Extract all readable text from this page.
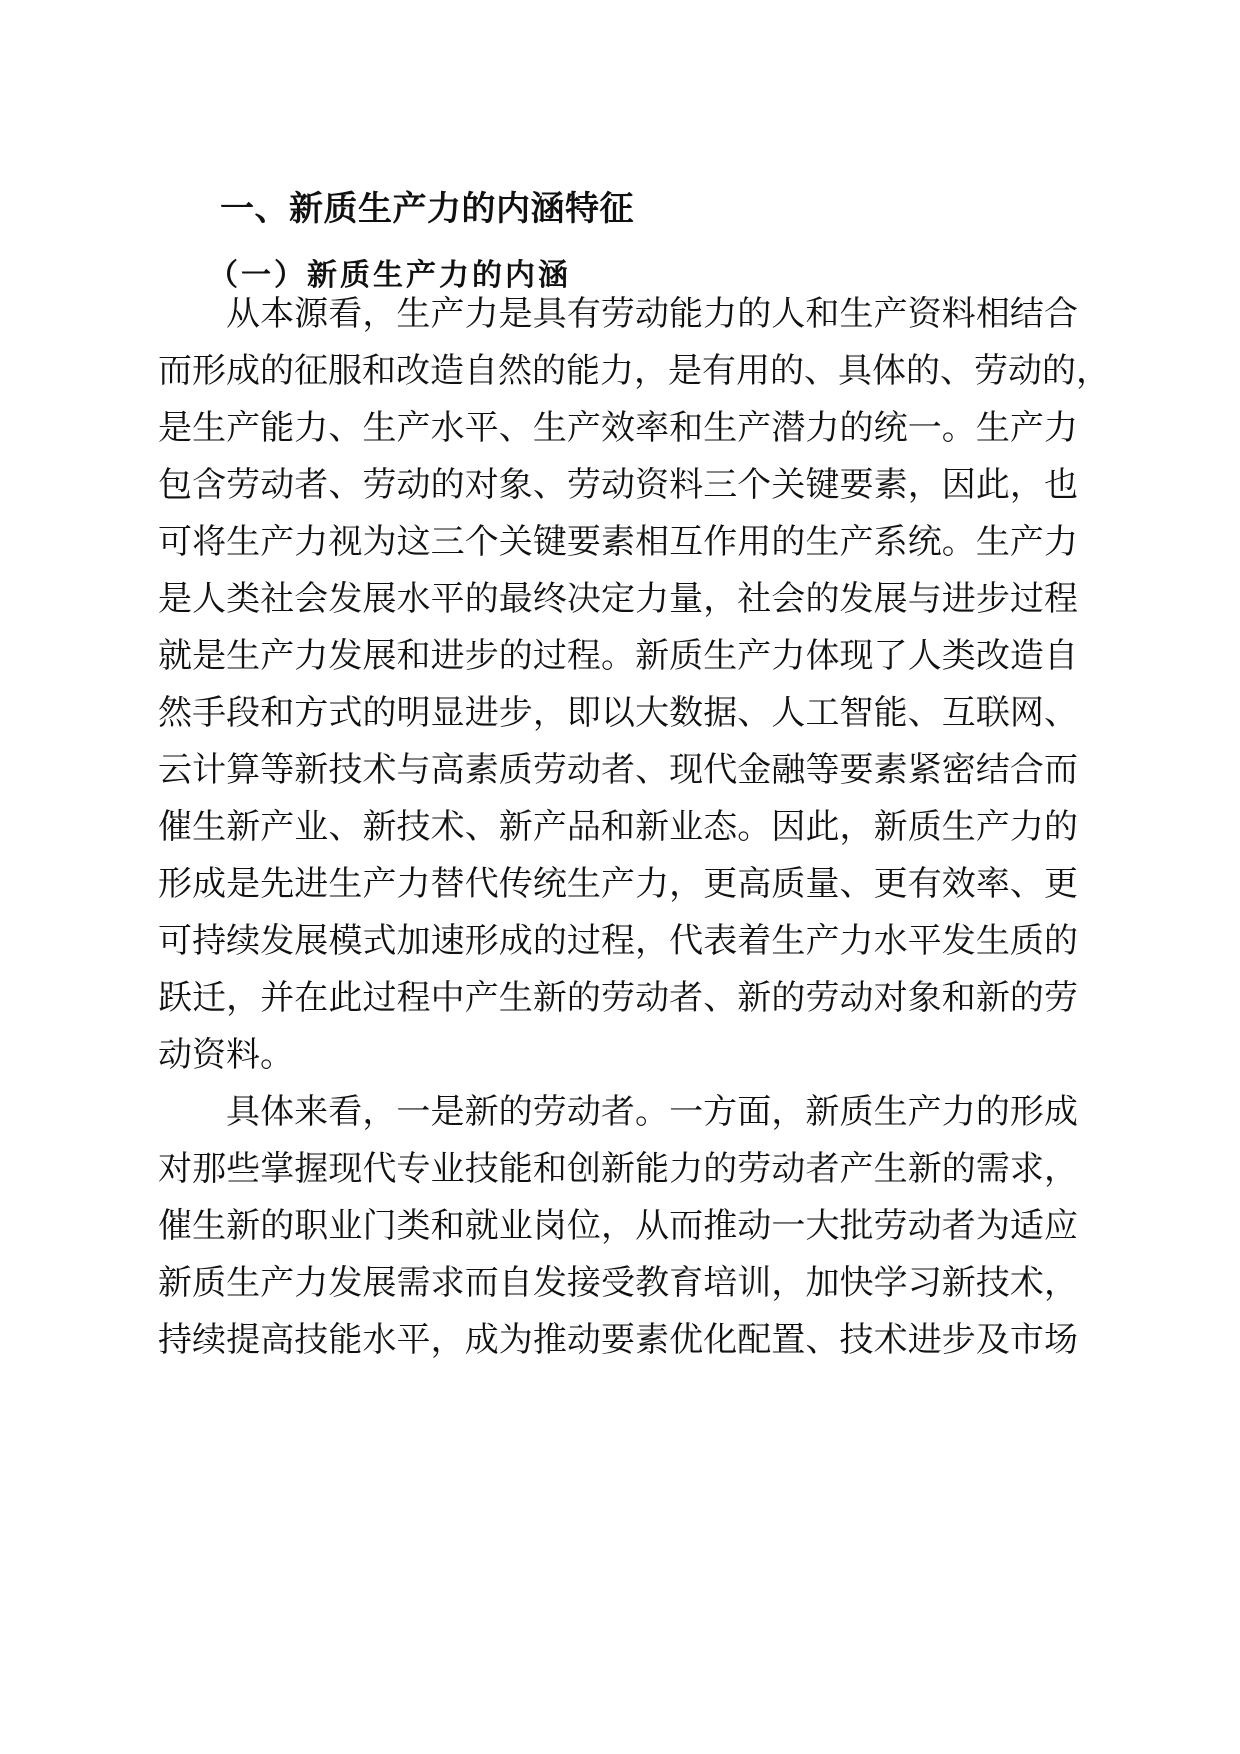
一、新质生产力的内涵特征
（一）新质生产力的内涵

从本源看，生产力是具有劳动能力的人和生产资料相结合

而形成的征服和改造自然的能力，是有用的、具体的、劳动的，

是生产能力、生产水平、生产效率和生产潜力的统一。生产力

包含劳动者、劳动的对象、劳动资料三个关键要素，因此，也

可将生产力视为这三个关键要素相互作用的生产系统。生产力

是人类社会发展水平的最终决定力量，社会的发展与进步过程

就是生产力发展和进步的过程。新质生产力体现了人类改造自

然手段和方式的明显进步，即以大数据、人工智能、互联网、

云计算等新技术与高素质劳动者、现代金融等要素紧密结合而

催生新产业、新技术、新产品和新业态。因此，新质生产力的

形成是先进生产力替代传统生产力，更高质量、更有效率、更

可持续发展模式加速形成的过程，代表着生产力水平发生质的

跃迁，并在此过程中产生新的劳动者、新的劳动对象和新的劳

动资料。

具体来看，一是新的劳动者。一方面，新质生产力的形成

对那些掌握现代专业技能和创新能力的劳动者产生新的需求，

催生新的职业门类和就业岗位，从而推动一大批劳动者为适应

新质生产力发展需求而自发接受教育培训，加快学习新技术，

持续提高技能水平，成为推动要素优化配置、技术进步及市场
